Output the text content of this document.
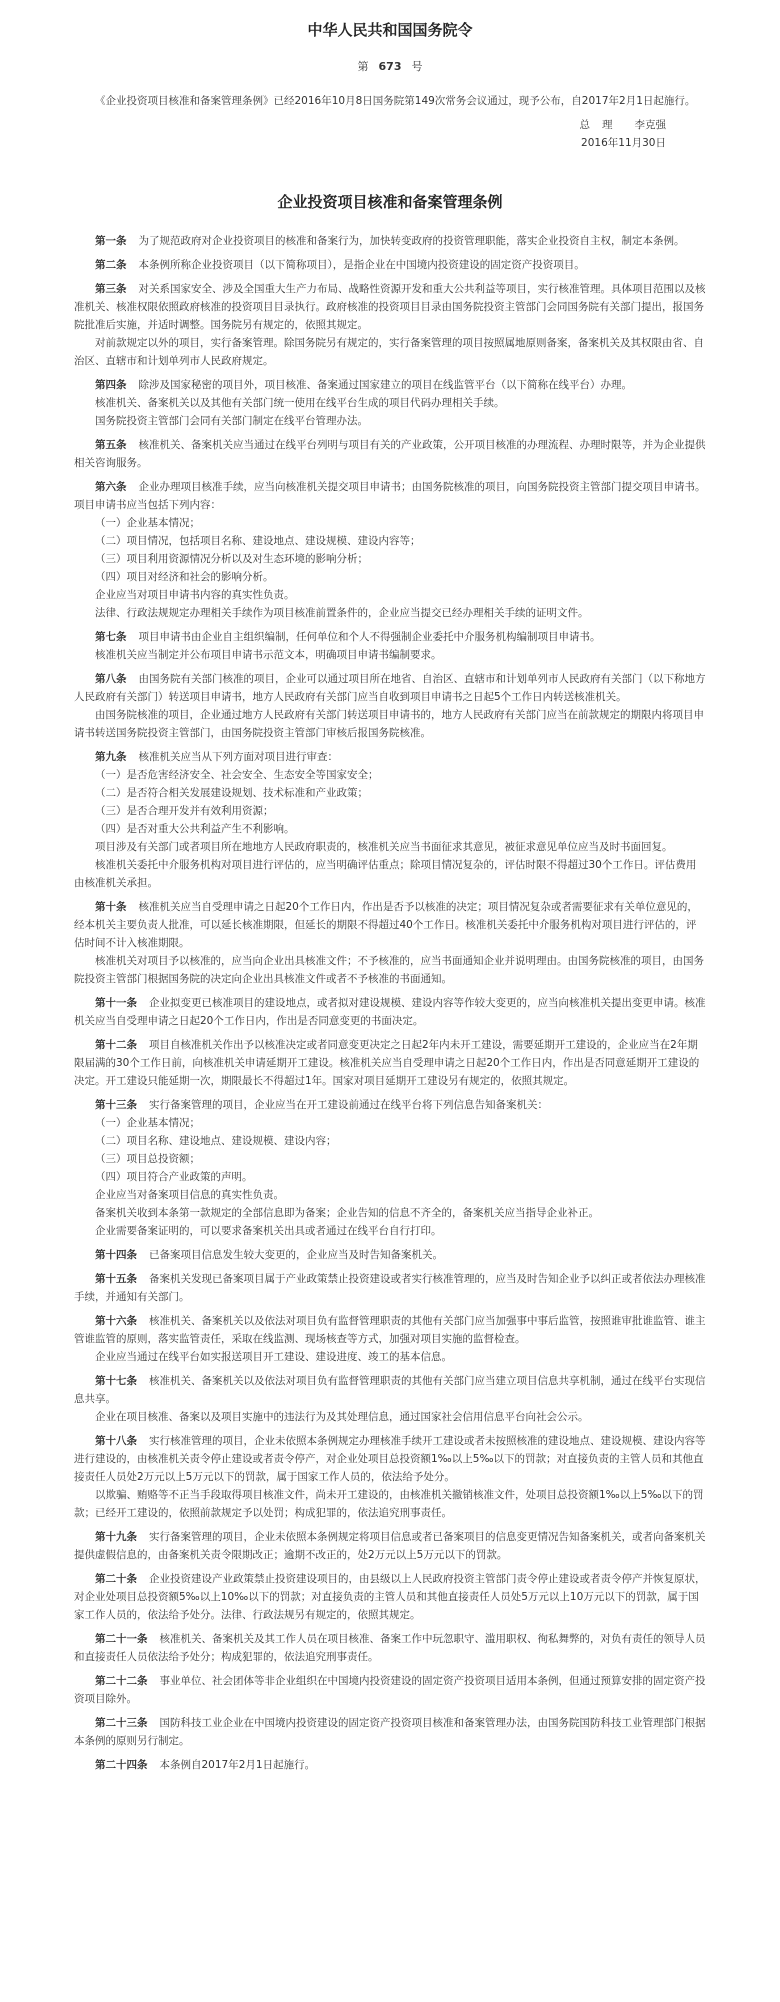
中华人民共和国国务院令
第 673 号

《企业投资项目核准和备案管理条例》已经2016年10月8日国务院第149次常务会议通过，现予公布，自2017年2月1日起施行。

总理 李克强

2016年11月30日

企业投资项目核准和备案管理条例

第一条 为了规范政府对企业投资项目的核准和备案行为，加快转变政府的投资管理职能，落实企业投资自主权，制定本条例。

第二条 本条例所称企业投资项目（以下简称项目），是指企业在中国境内投资建设的固定资产投资项目。

第三条 对关系国家安全、涉及全国重大生产力布局、战略性资源开发和重大公共利益等项目，实行核准管理。具体项目范围以及核准机关、核准权限依照政府核准的投资项目目录执行。政府核准的投资项目目录由国务院投资主管部门会同国务院有关部门提出，报国务院批准后实施，并适时调整。国务院另有规定的，依照其规定。

对前款规定以外的项目，实行备案管理。除国务院另有规定的，实行备案管理的项目按照属地原则备案，备案机关及其权限由省、自治区、直辖市和计划单列市人民政府规定。

第四条 除涉及国家秘密的项目外，项目核准、备案通过国家建立的项目在线监管平台（以下简称在线平台）办理。

核准机关、备案机关以及其他有关部门统一使用在线平台生成的项目代码办理相关手续。

国务院投资主管部门会同有关部门制定在线平台管理办法。

第五条 核准机关、备案机关应当通过在线平台列明与项目有关的产业政策，公开项目核准的办理流程、办理时限等，并为企业提供相关咨询服务。

第六条 企业办理项目核准手续，应当向核准机关提交项目申请书；由国务院核准的项目，向国务院投资主管部门提交项目申请书。项目申请书应当包括下列内容：

（一）企业基本情况；

（二）项目情况，包括项目名称、建设地点、建设规模、建设内容等；

（三）项目利用资源情况分析以及对生态环境的影响分析；

（四）项目对经济和社会的影响分析。

企业应当对项目申请书内容的真实性负责。

法律、行政法规规定办理相关手续作为项目核准前置条件的，企业应当提交已经办理相关手续的证明文件。

第七条 项目申请书由企业自主组织编制，任何单位和个人不得强制企业委托中介服务机构编制项目申请书。

核准机关应当制定并公布项目申请书示范文本，明确项目申请书编制要求。

第八条 由国务院有关部门核准的项目，企业可以通过项目所在地省、自治区、直辖市和计划单列市人民政府有关部门（以下称地方人民政府有关部门）转送项目申请书，地方人民政府有关部门应当自收到项目申请书之日起5个工作日内转送核准机关。

由国务院核准的项目，企业通过地方人民政府有关部门转送项目申请书的，地方人民政府有关部门应当在前款规定的期限内将项目申请书转送国务院投资主管部门，由国务院投资主管部门审核后报国务院核准。

第九条 核准机关应当从下列方面对项目进行审查：

（一）是否危害经济安全、社会安全、生态安全等国家安全；

（二）是否符合相关发展建设规划、技术标准和产业政策；

（三）是否合理开发并有效利用资源；

（四）是否对重大公共利益产生不利影响。

项目涉及有关部门或者项目所在地地方人民政府职责的，核准机关应当书面征求其意见，被征求意见单位应当及时书面回复。

核准机关委托中介服务机构对项目进行评估的，应当明确评估重点；除项目情况复杂的，评估时限不得超过30个工作日。评估费用由核准机关承担。

第十条 核准机关应当自受理申请之日起20个工作日内，作出是否予以核准的决定；项目情况复杂或者需要征求有关单位意见的，经本机关主要负责人批准，可以延长核准期限，但延长的期限不得超过40个工作日。核准机关委托中介服务机构对项目进行评估的，评估时间不计入核准期限。

核准机关对项目予以核准的，应当向企业出具核准文件；不予核准的，应当书面通知企业并说明理由。由国务院核准的项目，由国务院投资主管部门根据国务院的决定向企业出具核准文件或者不予核准的书面通知。

第十一条 企业拟变更已核准项目的建设地点，或者拟对建设规模、建设内容等作较大变更的，应当向核准机关提出变更申请。核准机关应当自受理申请之日起20个工作日内，作出是否同意变更的书面决定。

第十二条 项目自核准机关作出予以核准决定或者同意变更决定之日起2年内未开工建设，需要延期开工建设的，企业应当在2年期限届满的30个工作日前，向核准机关申请延期开工建设。核准机关应当自受理申请之日起20个工作日内，作出是否同意延期开工建设的决定。开工建设只能延期一次，期限最长不得超过1年。国家对项目延期开工建设另有规定的，依照其规定。

第十三条 实行备案管理的项目，企业应当在开工建设前通过在线平台将下列信息告知备案机关：

（一）企业基本情况；

（二）项目名称、建设地点、建设规模、建设内容；

（三）项目总投资额；

（四）项目符合产业政策的声明。

企业应当对备案项目信息的真实性负责。

备案机关收到本条第一款规定的全部信息即为备案；企业告知的信息不齐全的，备案机关应当指导企业补正。

企业需要备案证明的，可以要求备案机关出具或者通过在线平台自行打印。

第十四条 已备案项目信息发生较大变更的，企业应当及时告知备案机关。

第十五条 备案机关发现已备案项目属于产业政策禁止投资建设或者实行核准管理的，应当及时告知企业予以纠正或者依法办理核准手续，并通知有关部门。

第十六条 核准机关、备案机关以及依法对项目负有监督管理职责的其他有关部门应当加强事中事后监管，按照谁审批谁监管、谁主管谁监管的原则，落实监管责任，采取在线监测、现场核查等方式，加强对项目实施的监督检查。

企业应当通过在线平台如实报送项目开工建设、建设进度、竣工的基本信息。

第十七条 核准机关、备案机关以及依法对项目负有监督管理职责的其他有关部门应当建立项目信息共享机制，通过在线平台实现信息共享。

企业在项目核准、备案以及项目实施中的违法行为及其处理信息，通过国家社会信用信息平台向社会公示。

第十八条 实行核准管理的项目，企业未依照本条例规定办理核准手续开工建设或者未按照核准的建设地点、建设规模、建设内容等进行建设的，由核准机关责令停止建设或者责令停产，对企业处项目总投资额1‰以上5‰以下的罚款；对直接负责的主管人员和其他直接责任人员处2万元以上5万元以下的罚款，属于国家工作人员的，依法给予处分。

以欺骗、贿赂等不正当手段取得项目核准文件，尚未开工建设的，由核准机关撤销核准文件，处项目总投资额1‰以上5‰以下的罚款；已经开工建设的，依照前款规定予以处罚；构成犯罪的，依法追究刑事责任。

第十九条 实行备案管理的项目，企业未依照本条例规定将项目信息或者已备案项目的信息变更情况告知备案机关，或者向备案机关提供虚假信息的，由备案机关责令限期改正；逾期不改正的，处2万元以上5万元以下的罚款。

第二十条 企业投资建设产业政策禁止投资建设项目的，由县级以上人民政府投资主管部门责令停止建设或者责令停产并恢复原状，对企业处项目总投资额5‰以上10‰以下的罚款；对直接负责的主管人员和其他直接责任人员处5万元以上10万元以下的罚款，属于国家工作人员的，依法给予处分。法律、行政法规另有规定的，依照其规定。

第二十一条 核准机关、备案机关及其工作人员在项目核准、备案工作中玩忽职守、滥用职权、徇私舞弊的，对负有责任的领导人员和直接责任人员依法给予处分；构成犯罪的，依法追究刑事责任。

第二十二条 事业单位、社会团体等非企业组织在中国境内投资建设的固定资产投资项目适用本条例，但通过预算安排的固定资产投资项目除外。

第二十三条 国防科技工业企业在中国境内投资建设的固定资产投资项目核准和备案管理办法，由国务院国防科技工业管理部门根据本条例的原则另行制定。

第二十四条 本条例自2017年2月1日起施行。
